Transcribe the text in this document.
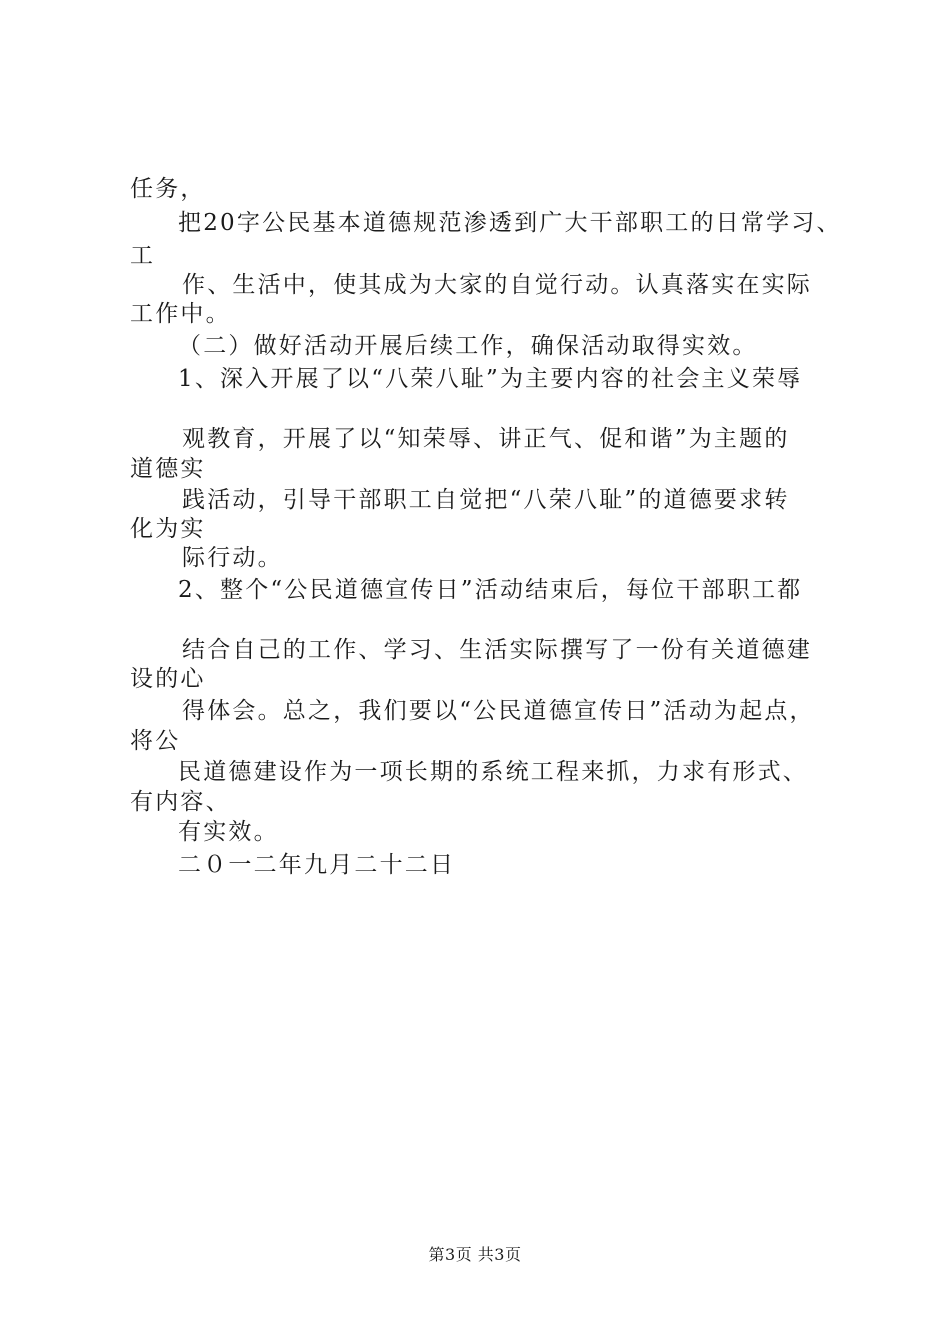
任务，
把20字公民基本道德规范渗透到广大干部职工的日常学习、
工
作、生活中，使其成为大家的自觉行动。认真落实在实际
工作中。
（二）做好活动开展后续工作，确保活动取得实效。
1、深入开展了以“八荣八耻”为主要内容的社会主义荣辱
观教育，开展了以“知荣辱、讲正气、促和谐”为主题的
道德实
践活动，引导干部职工自觉把“八荣八耻”的道德要求转
化为实
际行动。
2、整个“公民道德宣传日”活动结束后，每位干部职工都
结合自己的工作、学习、生活实际撰写了一份有关道德建
设的心
得体会。总之，我们要以“公民道德宣传日”活动为起点，
将公
民道德建设作为一项长期的系统工程来抓，力求有形式、
有内容、
有实效。
二０一二年九月二十二日
第3页 共3页
